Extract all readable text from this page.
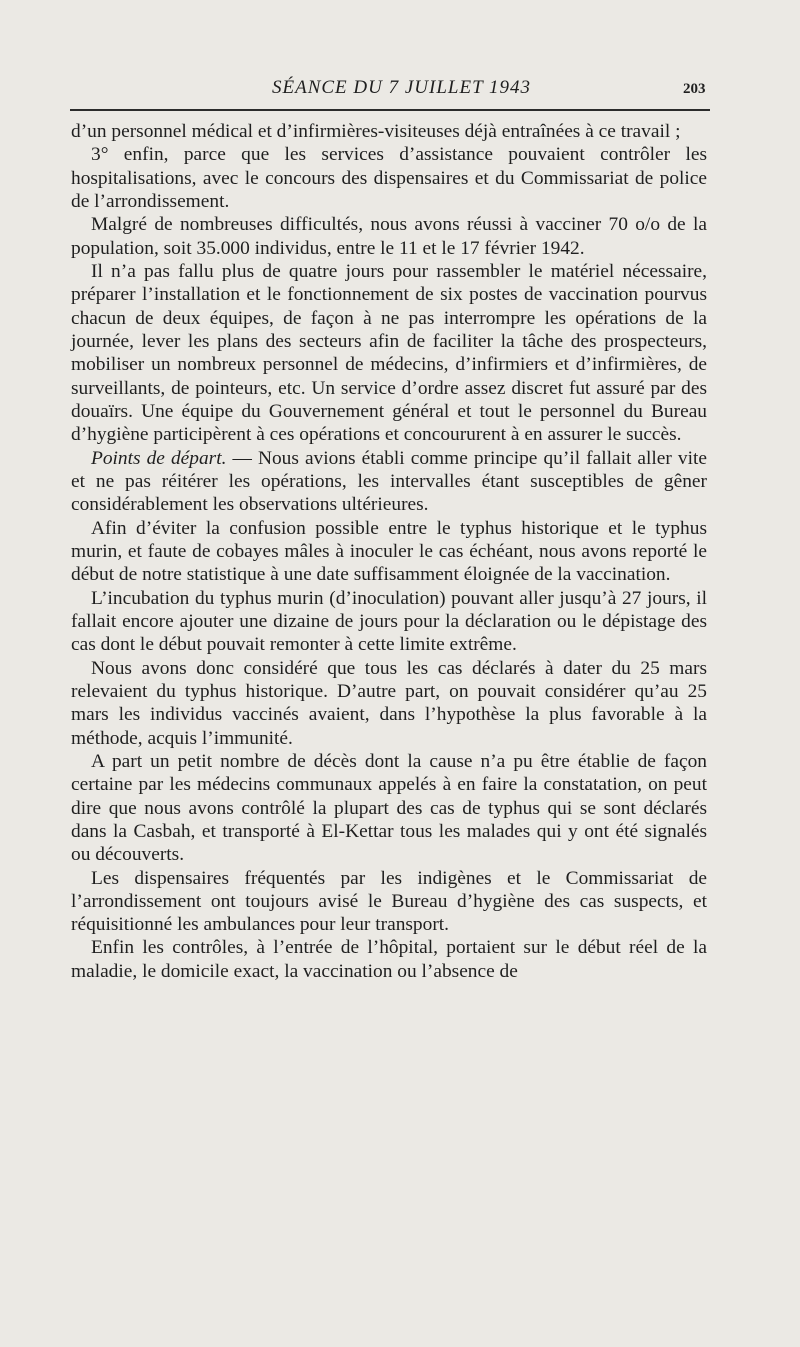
SÉANCE DU 7 JUILLET 1943	203

d’un personnel médical et d’infirmières-visiteuses déjà entraînées à ce travail ;

3° enfin, parce que les services d’assistance pouvaient contrôler les hospitalisations, avec le concours des dispensaires et du Commissariat de police de l’arrondissement.

Malgré de nombreuses difficultés, nous avons réussi à vacciner 70 o/o de la population, soit 35.000 individus, entre le 11 et le 17 février 1942.

Il n’a pas fallu plus de quatre jours pour rassembler le matériel nécessaire, préparer l’installation et le fonctionnement de six postes de vaccination pourvus chacun de deux équipes, de façon à ne pas interrompre les opérations de la journée, lever les plans des secteurs afin de faciliter la tâche des prospecteurs, mobiliser un nombreux personnel de médecins, d’infirmiers et d’infirmières, de surveillants, de pointeurs, etc. Un service d’ordre assez discret fut assuré par des douaïrs. Une équipe du Gouvernement général et tout le personnel du Bureau d’hygiène participèrent à ces opérations et concoururent à en assurer le succès.

Points de départ. — Nous avions établi comme principe qu’il fallait aller vite et ne pas réitérer les opérations, les intervalles étant susceptibles de gêner considérablement les observations ultérieures.

Afin d’éviter la confusion possible entre le typhus historique et le typhus murin, et faute de cobayes mâles à inoculer le cas échéant, nous avons reporté le début de notre statistique à une date suffisamment éloignée de la vaccination.

L’incubation du typhus murin (d’inoculation) pouvant aller jusqu’à 27 jours, il fallait encore ajouter une dizaine de jours pour la déclaration ou le dépistage des cas dont le début pouvait remonter à cette limite extrême.

Nous avons donc considéré que tous les cas déclarés à dater du 25 mars relevaient du typhus historique. D’autre part, on pouvait considérer qu’au 25 mars les individus vaccinés avaient, dans l’hypothèse la plus favorable à la méthode, acquis l’immunité.

A part un petit nombre de décès dont la cause n’a pu être établie de façon certaine par les médecins communaux appelés à en faire la constatation, on peut dire que nous avons contrôlé la plupart des cas de typhus qui se sont déclarés dans la Casbah, et transporté à El-Kettar tous les malades qui y ont été signalés ou découverts.

Les dispensaires fréquentés par les indigènes et le Commissariat de l’arrondissement ont toujours avisé le Bureau d’hygiène des cas suspects, et réquisitionné les ambulances pour leur transport.

Enfin les contrôles, à l’entrée de l’hôpital, portaient sur le début réel de la maladie, le domicile exact, la vaccination ou l’absence de
